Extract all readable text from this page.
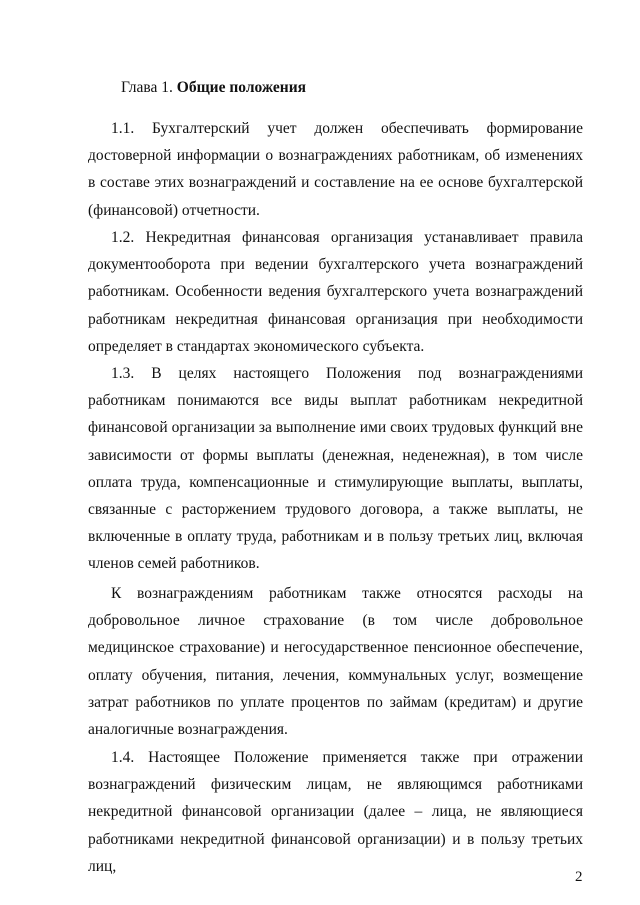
Глава 1. Общие положения

1.1. Бухгалтерский учет должен обеспечивать формирование достоверной информации о вознаграждениях работникам, об изменениях в составе этих вознаграждений и составление на ее основе бухгалтерской (финансовой) отчетности.

1.2. Некредитная финансовая организация устанавливает правила документооборота при ведении бухгалтерского учета вознаграждений работникам. Особенности ведения бухгалтерского учета вознаграждений работникам некредитная финансовая организация при необходимости определяет в стандартах экономического субъекта.

1.3. В целях настоящего Положения под вознаграждениями работникам понимаются все виды выплат работникам некредитной финансовой организации за выполнение ими своих трудовых функций вне зависимости от формы выплаты (денежная, неденежная), в том числе оплата труда, компенсационные и стимулирующие выплаты, выплаты, связанные с расторжением трудового договора, а также выплаты, не включенные в оплату труда, работникам и в пользу третьих лиц, включая членов семей работников.

К вознаграждениям работникам также относятся расходы на добровольное личное страхование (в том числе добровольное медицинское страхование) и негосударственное пенсионное обеспечение, оплату обучения, питания, лечения, коммунальных услуг, возмещение затрат работников по уплате процентов по займам (кредитам) и другие аналогичные вознаграждения.

1.4. Настоящее Положение применяется также при отражении вознаграждений физическим лицам, не являющимся работниками некредитной финансовой организации (далее – лица, не являющиеся работниками некредитной финансовой организации) и в пользу третьих лиц,

2
